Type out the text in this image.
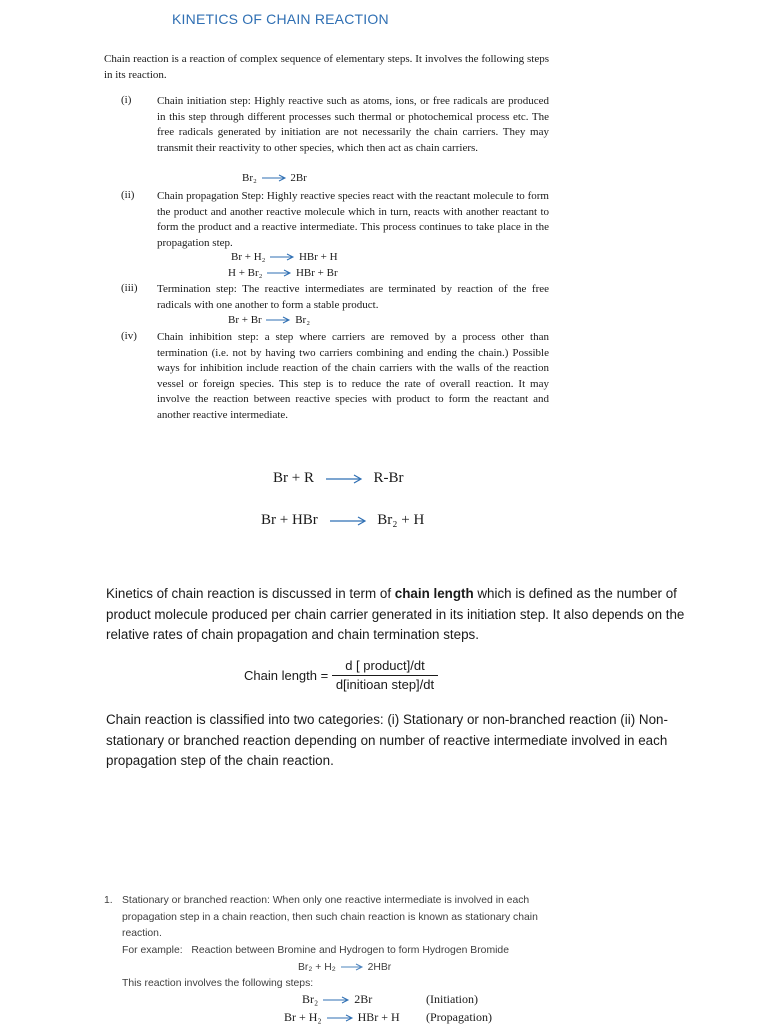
KINETICS OF CHAIN REACTION
Chain reaction is a reaction of complex sequence of elementary steps. It involves the following steps in its reaction.
(i) Chain initiation step: Highly reactive such as atoms, ions, or free radicals are produced in this step through different processes such thermal or photochemical process etc. The free radicals generated by initiation are not necessarily the chain carriers. They may transmit their reactivity to other species, which then act as chain carriers.
Br₂ → 2Br
(ii) Chain propagation Step: Highly reactive species react with the reactant molecule to form the product and another reactive molecule which in turn, reacts with another reactant to form the product and a reactive intermediate. This process continues to take place in the propagation step.
Br + H₂ → HBr + H
H + Br₂ → HBr + Br
(iii) Termination step: The reactive intermediates are terminated by reaction of the free radicals with one another to form a stable product.
Br + Br → Br₂
(iv) Chain inhibition step: a step where carriers are removed by a process other than termination (i.e. not by having two carriers combining and ending the chain.) Possible ways for inhibition include reaction of the chain carriers with the walls of the reaction vessel or foreign species. This step is to reduce the rate of overall reaction. It may involve the reaction between reactive species with product to form the reactant and another reactive intermediate.
Br + R → R-Br
Br + HBr → Br₂ + H
Kinetics of chain reaction is discussed in term of chain length which is defined as the number of product molecule produced per chain carrier generated in its initiation step. It also depends on the relative rates of chain propagation and chain termination steps.
Chain length = $\frac{\text{d [ product]/dt}}{\text{d[initioan step]/dt}}$
Chain reaction is classified into two categories: (i) Stationary or non-branched reaction (ii) Non-stationary or branched reaction depending on number of reactive intermediate involved in each propagation step of the chain reaction.
1. Stationary or branched reaction: When only one reactive intermediate is involved in each propagation step in a chain reaction, then such chain reaction is known as stationary chain reaction.
For example: Reaction between Bromine and Hydrogen to form Hydrogen Bromide
Br₂ + H₂ → 2HBr
This reaction involves the following steps:
Br₂ → 2Br	(Initiation)
Br + H₂ → HBr + H (Propagation)
